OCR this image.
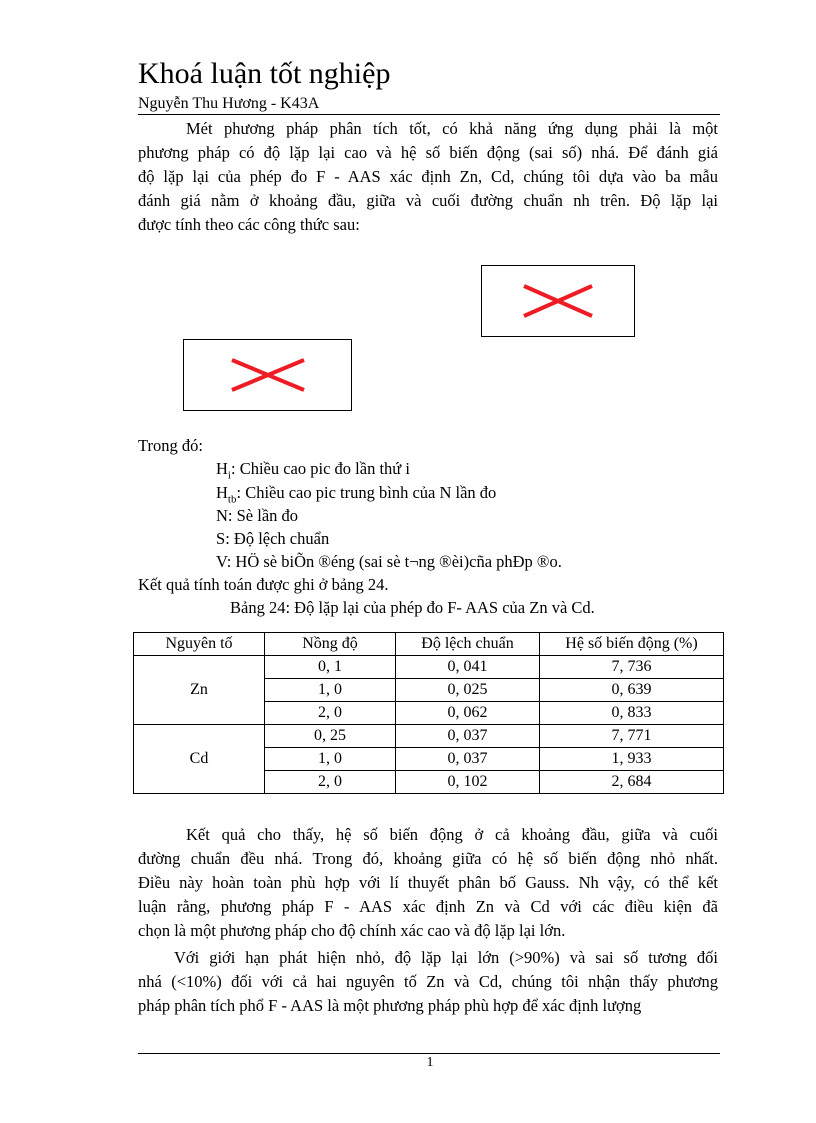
Khoá luận tốt nghiệp
Nguyễn Thu Hương - K43A
Mét phương pháp phân tích tốt, có khả năng ứng dụng phải là một
phương pháp có độ lặp lại cao và hệ số biến động (sai số) nhá. Để đánh giá
độ lặp lại của phép đo F - AAS xác định Zn, Cd, chúng tôi dựa vào ba mẫu
đánh giá nằm ở khoảng đầu, giữa và cuối đường chuẩn nh trên. Độ lặp lại
được tính theo các công thức sau:
Trong đó:
$H_i$: Chiều cao pic đo lần thứ i
$H_{tb}$: Chiều cao pic trung bình của N lần đo
N: Sè lần đo
S: Độ lệch chuẩn
V: HÖ sè biÕn ®éng (sai sè t¬ng ®èi)cña phÐp ®o.
Kết quả tính toán được ghi ở bảng 24.
Bảng 24: Độ lặp lại của phép đo F- AAS của Zn và Cd.
Nguyên tố	Nồng độ	Độ lệch chuẩn	Hệ số biến động (%)
Zn	0, 1	0, 041	7, 736
	1, 0	0, 025	0, 639
	2, 0	0, 062	0, 833
Cd	0, 25	0, 037	7, 771
	1, 0	0, 037	1, 933
	2, 0	0, 102	2, 684
Kết quả cho thấy, hệ số biến động ở cả khoảng đầu, giữa và cuối
đường chuẩn đều nhá. Trong đó, khoảng giữa có hệ số biến động nhỏ nhất.
Điều này hoàn toàn phù hợp với lí thuyết phân bố Gauss. Nh vậy, có thể kết
luận rằng, phương pháp F - AAS xác định Zn và Cd với các điều kiện đã
chọn là một phương pháp cho độ chính xác cao và độ lặp lại lớn.
Với giới hạn phát hiện nhỏ, độ lặp lại lớn (>90%) và sai số tương đối
nhá (<10%) đối với cả hai nguyên tố Zn và Cd, chúng tôi nhận thấy phương
pháp phân tích phổ F - AAS là một phương pháp phù hợp để xác định lượng
1
